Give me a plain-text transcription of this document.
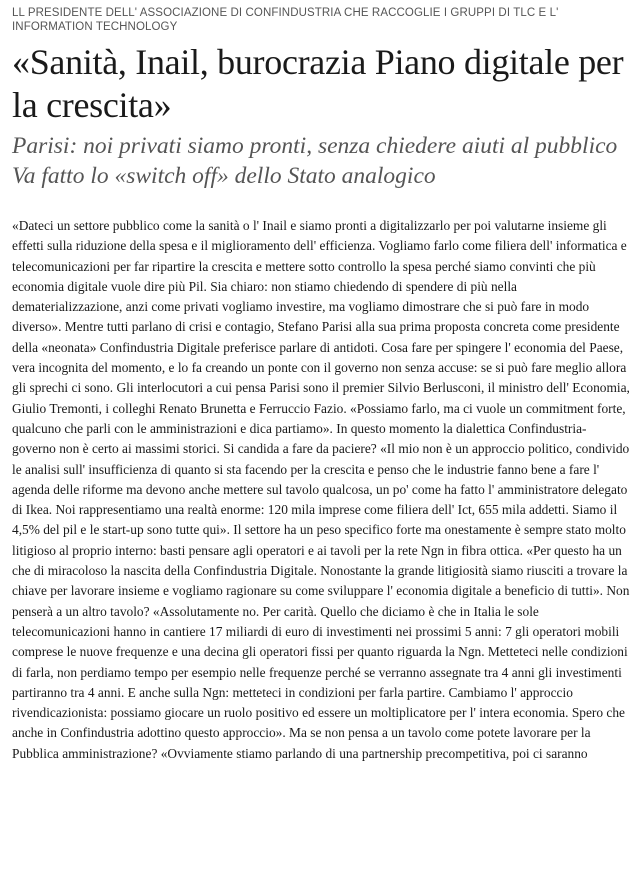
LL PRESIDENTE DELL' ASSOCIAZIONE DI CONFINDUSTRIA CHE RACCOGLIE I GRUPPI DI TLC E L' INFORMATION TECHNOLOGY
«Sanità, Inail, burocrazia Piano digitale per la crescita»
Parisi: noi privati siamo pronti, senza chiedere aiuti al pubblico Va fatto lo «switch off» dello Stato analogico

«Dateci un settore pubblico come la sanità o l' Inail e siamo pronti a digitalizzarlo per poi valutarne insieme gli effetti sulla riduzione della spesa e il miglioramento dell' efficienza. Vogliamo farlo come filiera dell' informatica e telecomunicazioni per far ripartire la crescita e mettere sotto controllo la spesa perché siamo convinti che più economia digitale vuole dire più Pil. Sia chiaro: non stiamo chiedendo di spendere di più nella dematerializzazione, anzi come privati vogliamo investire, ma vogliamo dimostrare che si può fare in modo diverso». Mentre tutti parlano di crisi e contagio, Stefano Parisi alla sua prima proposta concreta come presidente della «neonata» Confindustria Digitale preferisce parlare di antidoti. Cosa fare per spingere l' economia del Paese, vera incognita del momento, e lo fa creando un ponte con il governo non senza accuse: se si può fare meglio allora gli sprechi ci sono. Gli interlocutori a cui pensa Parisi sono il premier Silvio Berlusconi, il ministro dell' Economia, Giulio Tremonti, i colleghi Renato Brunetta e Ferruccio Fazio. «Possiamo farlo, ma ci vuole un commitment forte, qualcuno che parli con le amministrazioni e dica partiamo». In questo momento la dialettica Confindustria-governo non è certo ai massimi storici. Si candida a fare da paciere? «Il mio non è un approccio politico, condivido le analisi sull' insufficienza di quanto si sta facendo per la crescita e penso che le industrie fanno bene a fare l' agenda delle riforme ma devono anche mettere sul tavolo qualcosa, un po' come ha fatto l' amministratore delegato di Ikea. Noi rappresentiamo una realtà enorme: 120 mila imprese come filiera dell' Ict, 655 mila addetti. Siamo il 4,5% del pil e le start-up sono tutte qui». Il settore ha un peso specifico forte ma onestamente è sempre stato molto litigioso al proprio interno: basti pensare agli operatori e ai tavoli per la rete Ngn in fibra ottica. «Per questo ha un che di miracoloso la nascita della Confindustria Digitale. Nonostante la grande litigiosità siamo riusciti a trovare la chiave per lavorare insieme e vogliamo ragionare su come sviluppare l' economia digitale a beneficio di tutti». Non penserà a un altro tavolo? «Assolutamente no. Per carità. Quello che diciamo è che in Italia le sole telecomunicazioni hanno in cantiere 17 miliardi di euro di investimenti nei prossimi 5 anni: 7 gli operatori mobili comprese le nuove frequenze e una decina gli operatori fissi per quanto riguarda la Ngn. Metteteci nelle condizioni di farla, non perdiamo tempo per esempio nelle frequenze perché se verranno assegnate tra 4 anni gli investimenti partiranno tra 4 anni. E anche sulla Ngn: metteteci in condizioni per farla partire. Cambiamo l' approccio rivendicazionista: possiamo giocare un ruolo positivo ed essere un moltiplicatore per l' intera economia. Spero che anche in Confindustria adottino questo approccio». Ma se non pensa a un tavolo come potete lavorare per la Pubblica amministrazione? «Ovviamente stiamo parlando di una partnership precompetitiva, poi ci saranno
